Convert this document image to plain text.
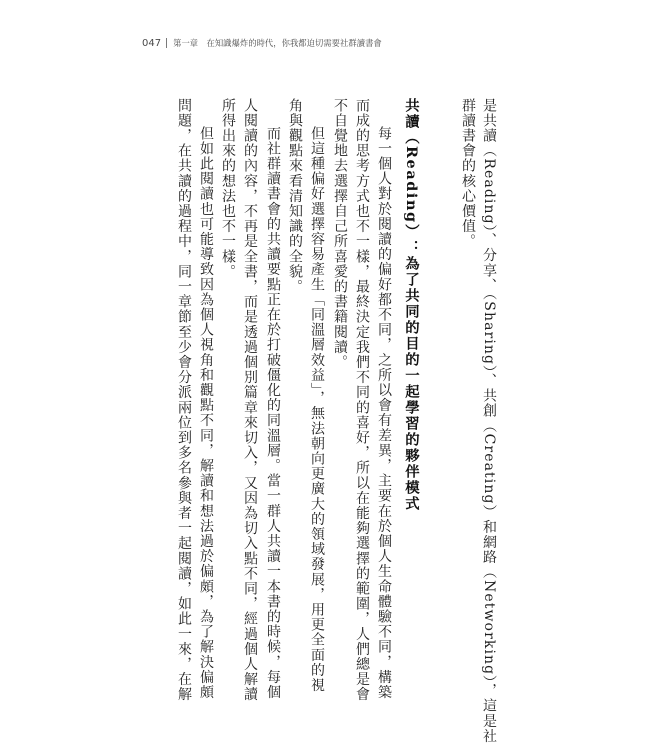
047 第一章　在知識爆炸的時代，你我都迫切需要社群讀書會
是共讀（Reading）、分享、（Sharing）、共創（Creating）和網路（Networking），這是社
群讀書會的核心價值。
共讀（Reading）：為了共同的目的一起學習的夥伴模式
每一個人對於閱讀的偏好都不同，之所以會有差異，主要在於個人生命體驗不同，構築
而成的思考方式也不一樣，最終決定我們不同的喜好，所以在能夠選擇的範圍，人們總是會
不自覺地去選擇自己所喜愛的書籍閱讀。
但這種偏好選擇容易產生「同溫層效益」，無法朝向更廣大的領域發展，用更全面的視
角與觀點來看清知識的全貌。
而社群讀書會的共讀要點正在於打破僵化的同溫層。當一群人共讀一本書的時候，每個
人閱讀的內容，不再是全書，而是透過個別篇章來切入，又因為切入點不同，經過個人解讀
所得出來的想法也不一樣。
但如此閱讀也可能導致因為個人視角和觀點不同，解讀和想法過於偏頗，為了解決偏頗
問題，在共讀的過程中，同一章節至少會分派兩位到多名參與者一起閱讀，如此一來，在解
